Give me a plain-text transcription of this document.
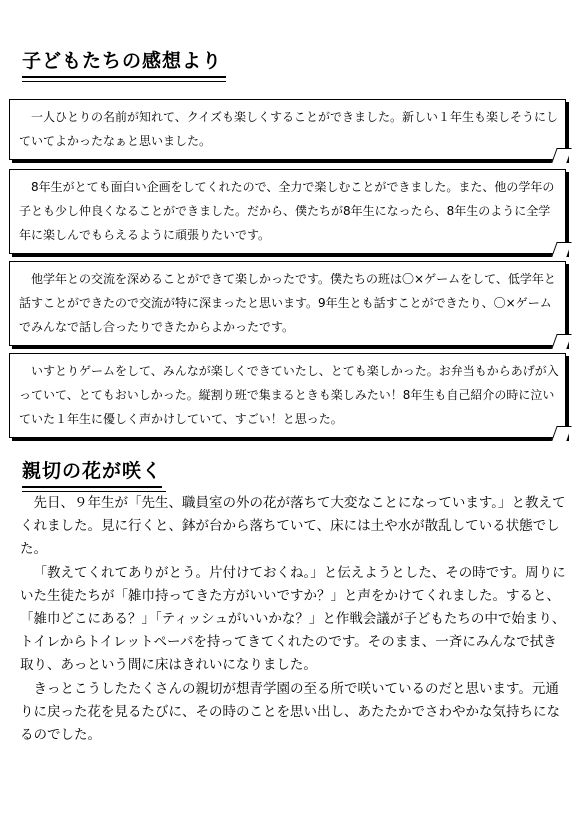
子どもたちの感想より

一人ひとりの名前が知れて、クイズも楽しくすることができました。新しい１年生も楽しそうにしていてよかったなぁと思いました。

8年生がとても面白い企画をしてくれたので、全力で楽しむことができました。また、他の学年の子とも少し仲良くなることができました。だから、僕たちが8年生になったら、8年生のように全学年に楽しんでもらえるように頑張りたいです。

他学年との交流を深めることができて楽しかったです。僕たちの班は〇×ゲームをして、低学年と話すことができたので交流が特に深まったと思います。9年生とも話すことができたり、〇×ゲームでみんなで話し合ったりできたからよかったです。

いすとりゲームをして、みんなが楽しくできていたし、とても楽しかった。お弁当もからあげが入っていて、とてもおいしかった。縦割り班で集まるときも楽しみたい！8年生も自己紹介の時に泣いていた１年生に優しく声かけしていて、すごい！と思った。

親切の花が咲く

先日、９年生が「先生、職員室の外の花が落ちて大変なことになっています。」と教えてくれました。見に行くと、鉢が台から落ちていて、床には土や水が散乱している状態でした。

「教えてくれてありがとう。片付けておくね。」と伝えようとした、その時です。周りにいた生徒たちが「雑巾持ってきた方がいいですか？」と声をかけてくれました。すると、「雑巾どこにある？」「ティッシュがいいかな？」と作戦会議が子どもたちの中で始まり、トイレからトイレットペーパを持ってきてくれたのです。そのまま、一斉にみんなで拭き取り、あっという間に床はきれいになりました。

きっとこうしたたくさんの親切が想青学園の至る所で咲いているのだと思います。元通りに戻った花を見るたびに、その時のことを思い出し、あたたかでさわやかな気持ちになるのでした。
